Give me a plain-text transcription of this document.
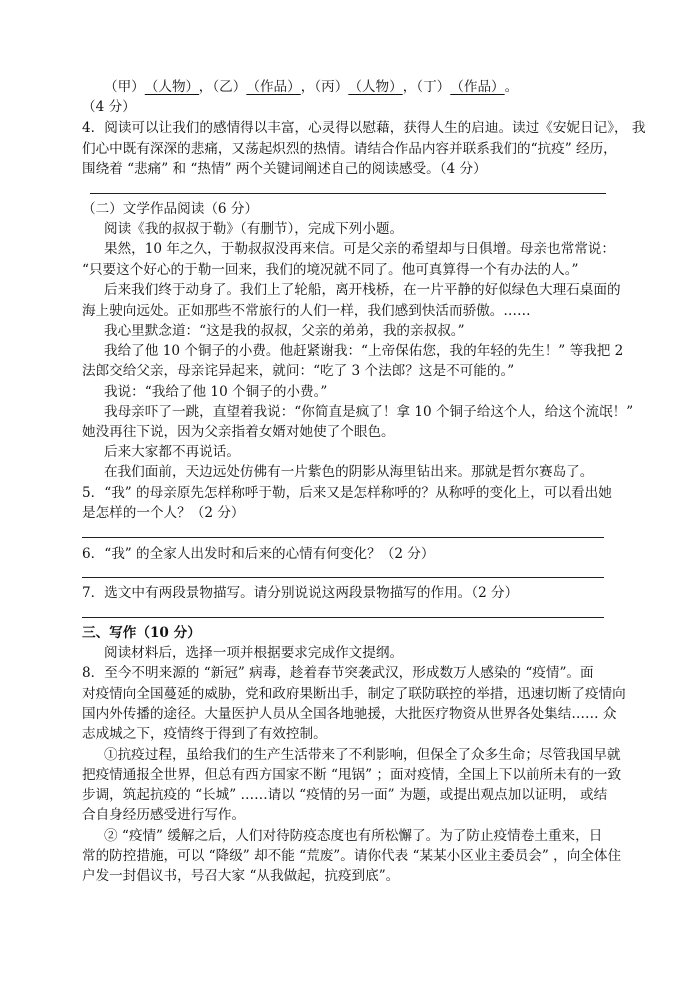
（甲）（人物），（乙）（作品），（丙）（人物），（丁）（作品）。
（4 分）
4．阅读可以让我们的感情得以丰富，心灵得以慰藉，获得人生的启迪。读过《安妮日记》， 我
们心中既有深深的悲痛，又荡起炽烈的热情。请结合作品内容并联系我们的“抗疫” 经历，
围绕着 “悲痛” 和 “热情” 两个关键词阐述自己的阅读感受。（4 分）
（二）文学作品阅读（6 分）
阅读《我的叔叔于勒》（有删节），完成下列小题。
果然，10 年之久，于勒叔叔没再来信。可是父亲的希望却与日俱增。母亲也常常说：
“只要这个好心的于勒一回来，我们的境况就不同了。他可真算得一个有办法的人。”
后来我们终于动身了。我们上了轮船，离开栈桥，在一片平静的好似绿色大理石桌面的
海上驶向远处。正如那些不常旅行的人们一样，我们感到快活而骄傲。……
我心里默念道：“这是我的叔叔，父亲的弟弟，我的亲叔叔。”
我给了他 10 个铜子的小费。他赶紧谢我：“上帝保佑您，我的年轻的先生！” 等我把 2
法郎交给父亲，母亲诧异起来，就问：“吃了 3 个法郎？这是不可能的。”
我说：“我给了他 10 个铜子的小费。”
我母亲吓了一跳，直望着我说：“你简直是疯了！拿 10 个铜子给这个人，给这个流氓！”
她没再往下说，因为父亲指着女婿对她使了个眼色。
后来大家都不再说话。
在我们面前，天边远处仿佛有一片紫色的阴影从海里钻出来。那就是哲尔赛岛了。
5．“我” 的母亲原先怎样称呼于勒，后来又是怎样称呼的？从称呼的变化上，可以看出她
是怎样的一个人？（2 分）
6．“我” 的全家人出发时和后来的心情有何变化？（2 分）
7．选文中有两段景物描写。请分别说说这两段景物描写的作用。（2 分）
三、写作（10 分）
阅读材料后，选择一项并根据要求完成作文提纲。
8．至今不明来源的 “新冠” 病毒，趁着春节突袭武汉，形成数万人感染的 “疫情”。面
对疫情向全国蔓延的威胁，党和政府果断出手，制定了联防联控的举措，迅速切断了疫情向
国内外传播的途径。大量医护人员从全国各地驰援，大批医疗物资从世界各处集结…… 众
志成城之下，疫情终于得到了有效控制。
①抗疫过程，虽给我们的生产生活带来了不利影响，但保全了众多生命；尽管我国早就
把疫情通报全世界，但总有西方国家不断 “甩锅” ；面对疫情，全国上下以前所未有的一致
步调，筑起抗疫的 “长城” ……请以 “疫情的另一面” 为题，或提出观点加以证明， 或结
合自身经历感受进行写作。
② “疫情” 缓解之后，人们对待防疫态度也有所松懈了。为了防止疫情卷土重来，日
常的防控措施，可以 “降级” 却不能 “荒废”。请你代表 “某某小区业主委员会” ，向全体住
户发一封倡议书，号召大家 “从我做起，抗疫到底”。
